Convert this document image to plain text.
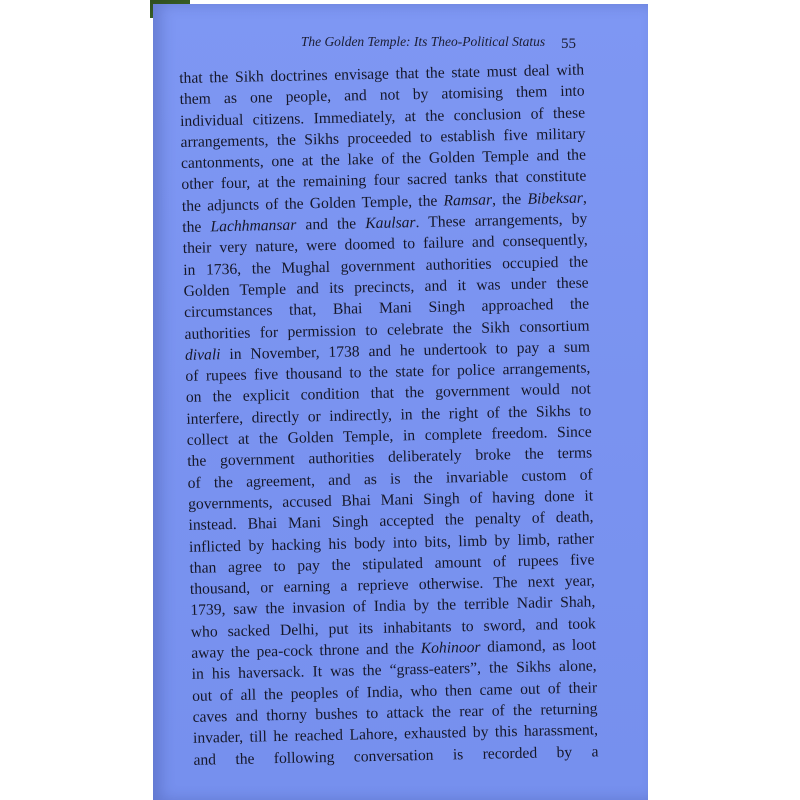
The Golden Temple: Its Theo-Political Status	55
that the Sikh doctrines envisage that the state must deal with
them as one people, and not by atomising them into
individual citizens. Immediately, at the conclusion of these
arrangements, the Sikhs proceeded to establish five military
cantonments, one at the lake of the Golden Temple and the
other four, at the remaining four sacred tanks that constitute
the adjuncts of the Golden Temple, the Ramsar, the Bibeksar,
the Lachhmansar and the Kaulsar. These arrangements, by
their very nature, were doomed to failure and consequently,
in 1736, the Mughal government authorities occupied the
Golden Temple and its precincts, and it was under these
circumstances that, Bhai Mani Singh approached the
authorities for permission to celebrate the Sikh consortium
divali in November, 1738 and he undertook to pay a sum
of rupees five thousand to the state for police arrangements,
on the explicit condition that the government would not
interfere, directly or indirectly, in the right of the Sikhs to
collect at the Golden Temple, in complete freedom. Since
the government authorities deliberately broke the terms
of the agreement, and as is the invariable custom of
governments, accused Bhai Mani Singh of having done it
instead. Bhai Mani Singh accepted the penalty of death,
inflicted by hacking his body into bits, limb by limb, rather
than agree to pay the stipulated amount of rupees five
thousand, or earning a reprieve otherwise. The next year,
1739, saw the invasion of India by the terrible Nadir Shah,
who sacked Delhi, put its inhabitants to sword, and took
away the pea-cock throne and the Kohinoor diamond, as loot
in his haversack. It was the “grass-eaters”, the Sikhs alone,
out of all the peoples of India, who then came out of their
caves and thorny bushes to attack the rear of the returning
invader, till he reached Lahore, exhausted by this harassment,
and the following conversation is recorded by a
